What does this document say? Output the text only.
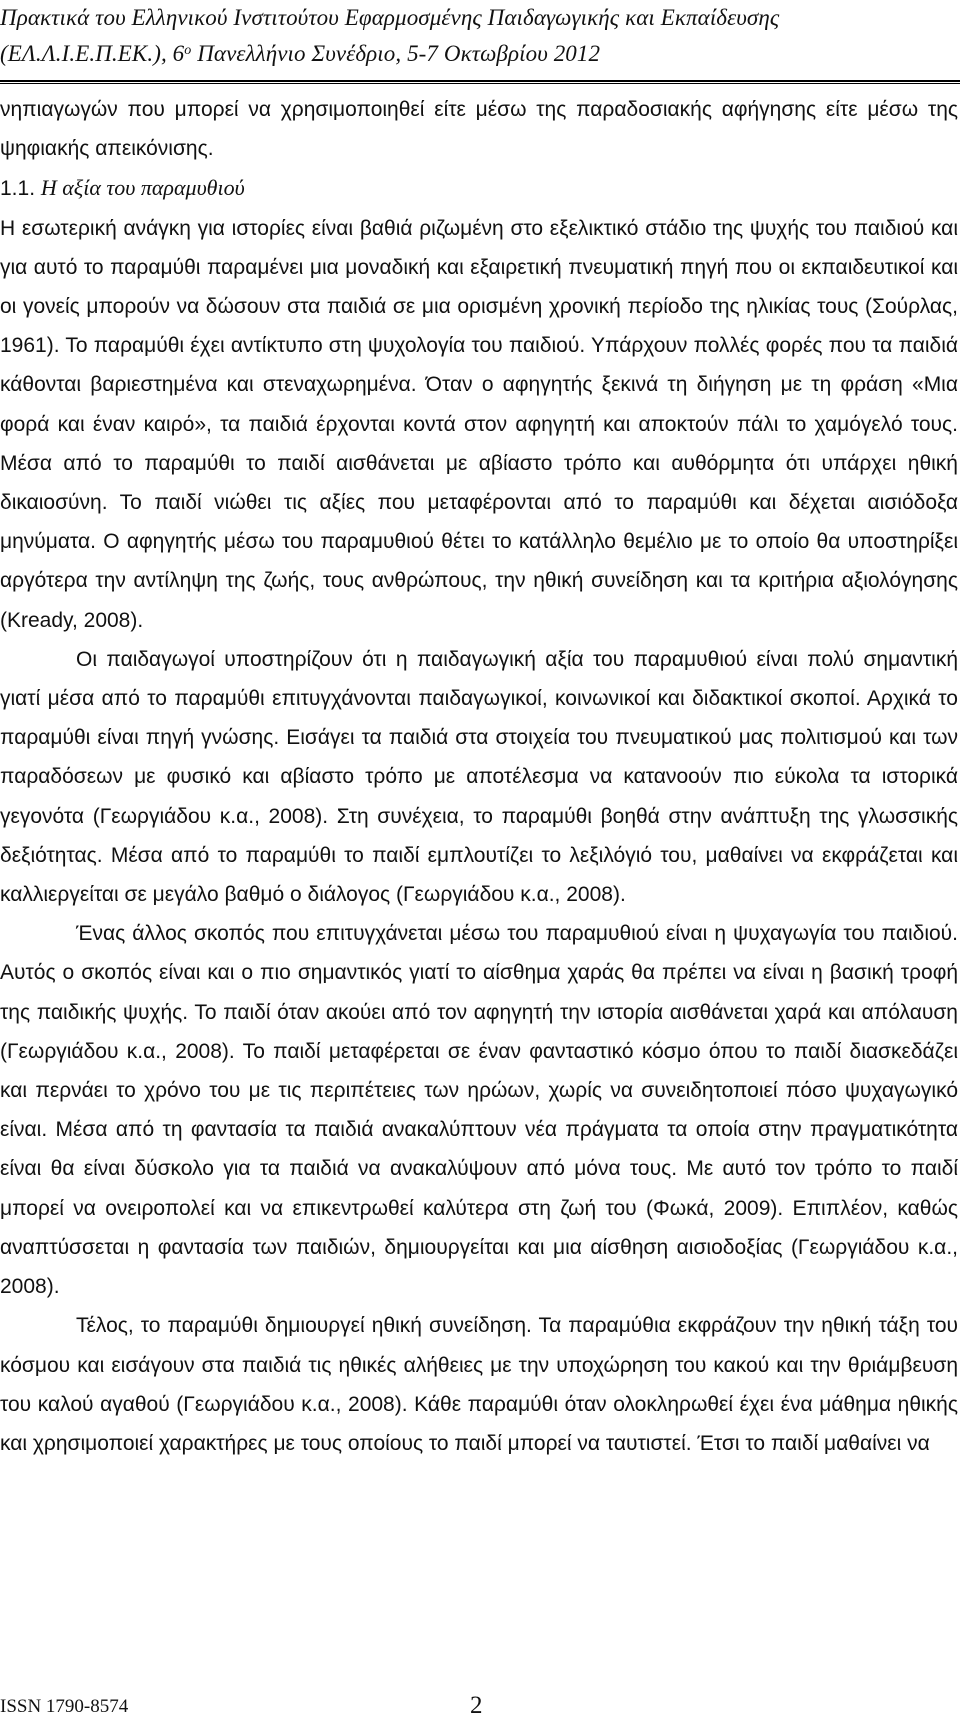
Πρακτικά του Ελληνικού Ινστιτούτου Εφαρμοσμένης Παιδαγωγικής και Εκπαίδευσης
(ΕΛ.Λ.Ι.Ε.Π.ΕΚ.), $6^o$ Πανελλήνιο Συνέδριο, 5-7 Οκτωβρίου 2012

νηπιαγωγών που μπορεί να χρησιμοποιηθεί είτε μέσω της παραδοσιακής αφήγησης είτε μέσω της ψηφιακής απεικόνισης.

1.1. Η αξία του παραμυθιού

Η εσωτερική ανάγκη για ιστορίες είναι βαθιά ριζωμένη στο εξελικτικό στάδιο της ψυχής του παιδιού και για αυτό το παραμύθι παραμένει μια μοναδική και εξαιρετική πνευματική πηγή που οι εκπαιδευτικοί και οι γονείς μπορούν να δώσουν στα παιδιά σε μια ορισμένη χρονική περίοδο της ηλικίας τους (Σούρλας, 1961). Το παραμύθι έχει αντίκτυπο στη ψυχολογία του παιδιού. Υπάρχουν πολλές φορές που τα παιδιά κάθονται βαριεστημένα και στεναχωρημένα. Όταν ο αφηγητής ξεκινά τη διήγηση με τη φράση «Μια φορά και έναν καιρό», τα παιδιά έρχονται κοντά στον αφηγητή και αποκτούν πάλι το χαμόγελό τους. Μέσα από το παραμύθι το παιδί αισθάνεται με αβίαστο τρόπο και αυθόρμητα ότι υπάρχει ηθική δικαιοσύνη. Το παιδί νιώθει τις αξίες που μεταφέρονται από το παραμύθι και δέχεται αισιόδοξα μηνύματα. Ο αφηγητής μέσω του παραμυθιού θέτει το κατάλληλο θεμέλιο με το οποίο θα υποστηρίξει αργότερα την αντίληψη της ζωής, τους ανθρώπους, την ηθική συνείδηση και τα κριτήρια αξιολόγησης (Kready, 2008).

Οι παιδαγωγοί υποστηρίζουν ότι η παιδαγωγική αξία του παραμυθιού είναι πολύ σημαντική γιατί μέσα από το παραμύθι επιτυγχάνονται παιδαγωγικοί, κοινωνικοί και διδακτικοί σκοποί. Αρχικά το παραμύθι είναι πηγή γνώσης. Εισάγει τα παιδιά στα στοιχεία του πνευματικού μας πολιτισμού και των παραδόσεων με φυσικό και αβίαστο τρόπο με αποτέλεσμα να κατανοούν πιο εύκολα τα ιστορικά γεγονότα (Γεωργιάδου κ.α., 2008). Στη συνέχεια, το παραμύθι βοηθά στην ανάπτυξη της γλωσσικής δεξιότητας. Μέσα από το παραμύθι το παιδί εμπλουτίζει το λεξιλόγιό του, μαθαίνει να εκφράζεται και καλλιεργείται σε μεγάλο βαθμό ο διάλογος (Γεωργιάδου κ.α., 2008).

Ένας άλλος σκοπός που επιτυγχάνεται μέσω του παραμυθιού είναι η ψυχαγωγία του παιδιού. Αυτός ο σκοπός είναι και ο πιο σημαντικός γιατί το αίσθημα χαράς θα πρέπει να είναι η βασική τροφή της παιδικής ψυχής. Το παιδί όταν ακούει από τον αφηγητή την ιστορία αισθάνεται χαρά και απόλαυση (Γεωργιάδου κ.α., 2008). Το παιδί μεταφέρεται σε έναν φανταστικό κόσμο όπου το παιδί διασκεδάζει και περνάει το χρόνο του με τις περιπέτειες των ηρώων, χωρίς να συνειδητοποιεί πόσο ψυχαγωγικό είναι. Μέσα από τη φαντασία τα παιδιά ανακαλύπτουν νέα πράγματα τα οποία στην πραγματικότητα είναι θα είναι δύσκολο για τα παιδιά να ανακαλύψουν από μόνα τους. Με αυτό τον τρόπο το παιδί μπορεί να ονειροπολεί και να επικεντρωθεί καλύτερα στη ζωή του (Φωκά, 2009). Επιπλέον, καθώς αναπτύσσεται η φαντασία των παιδιών, δημιουργείται και μια αίσθηση αισιοδοξίας (Γεωργιάδου κ.α., 2008).

Τέλος, το παραμύθι δημιουργεί ηθική συνείδηση. Τα παραμύθια εκφράζουν την ηθική τάξη του κόσμου και εισάγουν στα παιδιά τις ηθικές αλήθειες με την υποχώρηση του κακού και την θριάμβευση του καλού αγαθού (Γεωργιάδου κ.α., 2008). Κάθε παραμύθι όταν ολοκληρωθεί έχει ένα μάθημα ηθικής και χρησιμοποιεί χαρακτήρες με τους οποίους το παιδί μπορεί να ταυτιστεί. Έτσι το παιδί μαθαίνει να

ISSN 1790-8574	2
